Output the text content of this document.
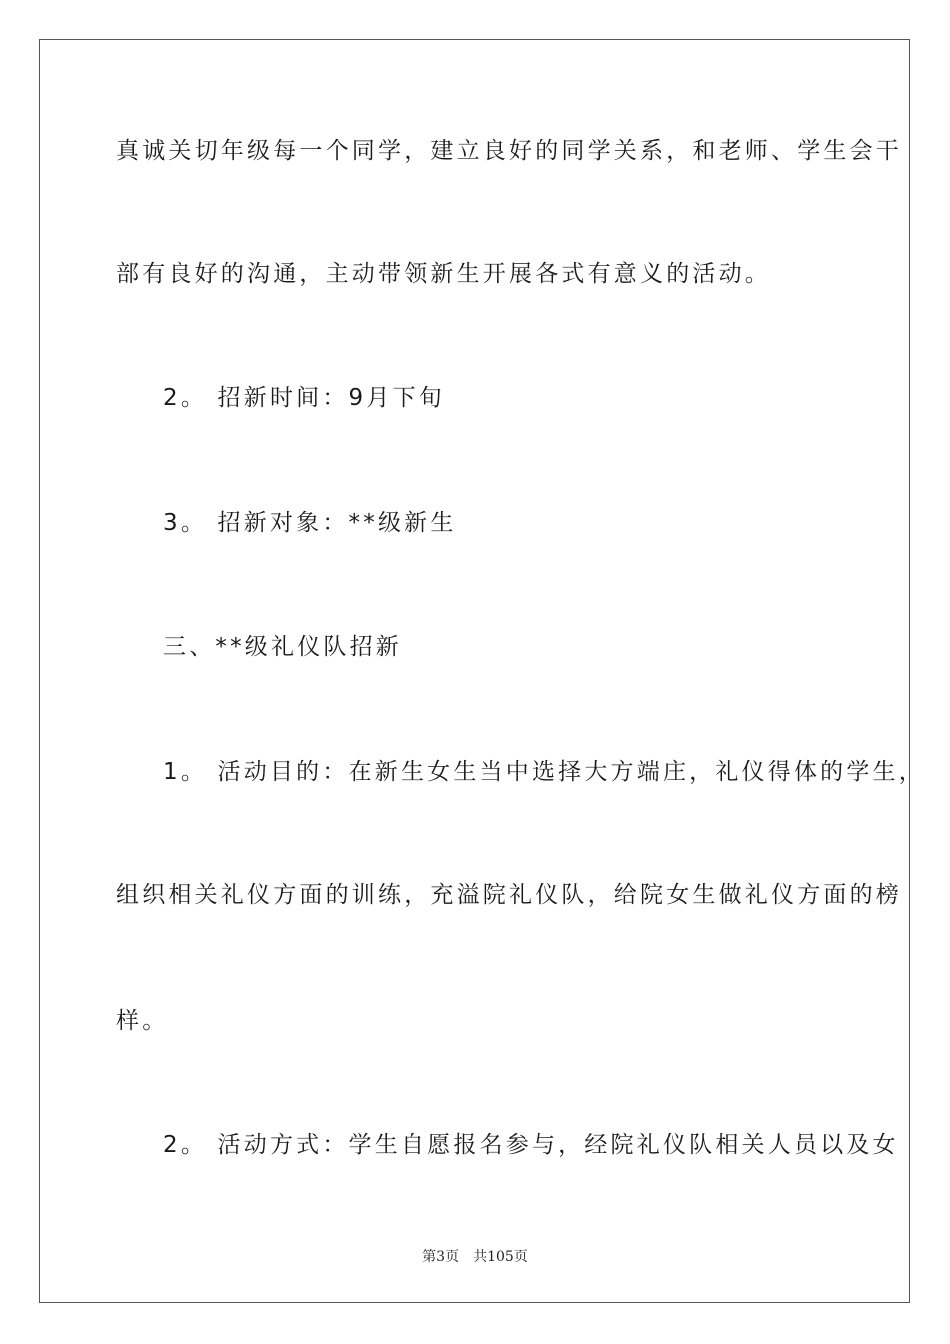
真诚关切年级每一个同学，建立良好的同学关系，和老师、学生会干
部有良好的沟通，主动带领新生开展各式有意义的活动。
2。 招新时间：9月下旬
3。 招新对象：**级新生
三、**级礼仪队招新
1。 活动目的：在新生女生当中选择大方端庄，礼仪得体的学生，
组织相关礼仪方面的训练，充溢院礼仪队，给院女生做礼仪方面的榜
样。
2。 活动方式：学生自愿报名参与，经院礼仪队相关人员以及女
第3页 共105页
